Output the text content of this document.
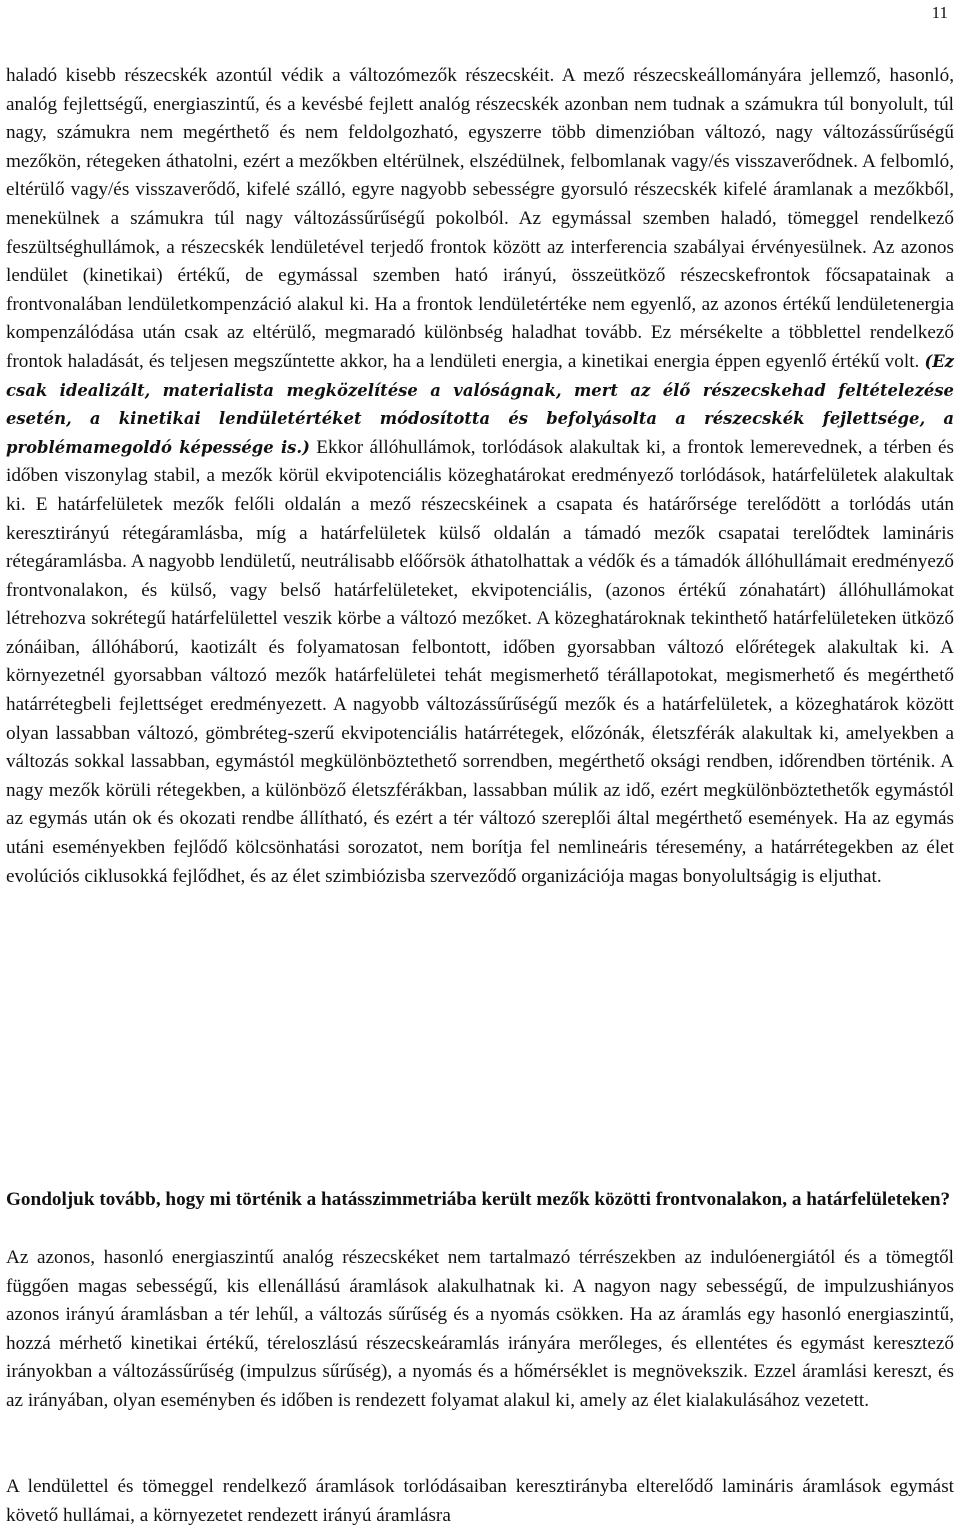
11

haladó kisebb részecskék azontúl védik a változómezők részecskéit. A mező részecskeállományára jellemző, hasonló, analóg fejlettségű, energiaszintű, és a kevésbé fejlett analóg részecskék azonban nem tudnak a számukra túl bonyolult, túl nagy, számukra nem megérthető és nem feldolgozható, egyszerre több dimenzióban változó, nagy változássűrűségű mezőkön, rétegeken áthatolni, ezért a mezőkben eltérülnek, elszédülnek, felbomlanak vagy/és visszaverődnek. A felbomló, eltérülő vagy/és visszaverődő, kifelé szálló, egyre nagyobb sebességre gyorsuló részecskék kifelé áramlanak a mezőkből, menekülnek a számukra túl nagy változássűrűségű pokolból. Az egymással szemben haladó, tömeggel rendelkező feszültséghullámok, a részecskék lendületével terjedő frontok között az interferencia szabályai érvényesülnek. Az azonos lendület (kinetikai) értékű, de egymással szemben ható irányú, összeütköző részecskefrontok főcsapatainak a frontvonalában lendületkompenzáció alakul ki. Ha a frontok lendületértéke nem egyenlő, az azonos értékű lendületenergia kompenzálódása után csak az eltérülő, megmaradó különbség haladhat tovább. Ez mérsékelte a többlettel rendelkező frontok haladását, és teljesen megszűntette akkor, ha a lendületi energia, a kinetikai energia éppen egyenlő értékű volt. (Ez csak idealizált, materialista megközelítése a valóságnak, mert az élő részecskehad feltételezése esetén, a kinetikai lendületértéket módosította és befolyásolta a részecskék fejlettsége, a problémamegoldó képessége is.) Ekkor állóhullámok, torlódások alakultak ki, a frontok lemerevednek, a térben és időben viszonylag stabil, a mezők körül ekvipotenciális közeghatárokat eredményező torlódások, határfelületek alakultak ki. E határfelületek mezők felőli oldalán a mező részecskéinek a csapata és határőrsége terelődött a torlódás után keresztirányú rétegáramlásba, míg a határfelületek külső oldalán a támadó mezők csapatai terelődtek lamináris rétegáramlásba. A nagyobb lendületű, neutrálisabb előőrsök áthatolhattak a védők és a támadók állóhullámait eredményező frontvonalakon, és külső, vagy belső határfelületeket, ekvipotenciális, (azonos értékű zónahatárt) állóhullámokat létrehozva sokrétegű határfelülettel veszik körbe a változó mezőket. A közeghatároknak tekinthető határfelületeken ütköző zónáiban, állóháború, kaotizált és folyamatosan felbontott, időben gyorsabban változó előrétegek alakultak ki. A környezetnél gyorsabban változó mezők határfelületei tehát megismerhető térállapotokat, megismerhető és megérthető határrétegbeli fejlettséget eredményezett. A nagyobb változássűrűségű mezők és a határfelületek, a közeghatárok között olyan lassabban változó, gömbréteg-szerű ekvipotenciális határrétegek, előzónák, életszférák alakultak ki, amelyekben a változás sokkal lassabban, egymástól megkülönböztethető sorrendben, megérthető oksági rendben, időrendben történik. A nagy mezők körüli rétegekben, a különböző életszférákban, lassabban múlik az idő, ezért megkülönböztethetők egymástól az egymás után ok és okozati rendbe állítható, és ezért a tér változó szereplői által megérthető események. Ha az egymás utáni eseményekben fejlődő kölcsönhatási sorozatot, nem borítja fel nemlineáris téresemény, a határrétegekben az élet evolúciós ciklusokká fejlődhet, és az élet szimbiózisba szerveződő organizációja magas bonyolultságig is eljuthat.

Gondoljuk tovább, hogy mi történik a hatásszimmetriába került mezők közötti frontvonalakon, a határfelületeken?

Az azonos, hasonló energiaszintű analóg részecskéket nem tartalmazó térrészekben az indulóenergiától és a tömegtől függően magas sebességű, kis ellenállású áramlások alakulhatnak ki. A nagyon nagy sebességű, de impulzushiányos azonos irányú áramlásban a tér lehűl, a változás sűrűség és a nyomás csökken. Ha az áramlás egy hasonló energiaszintű, hozzá mérhető kinetikai értékű, téreloszlású részecskeáramlás irányára merőleges, és ellentétes és egymást keresztező irányokban a változássűrűség (impulzus sűrűség), a nyomás és a hőmérséklet is megnövekszik. Ezzel áramlási kereszt, és az irányában, olyan eseményben és időben is rendezett folyamat alakul ki, amely az élet kialakulásához vezetett.

A lendülettel és tömeggel rendelkező áramlások torlódásaiban keresztirányba elterelődő lamináris áramlások egymást követő hullámai, a környezetet rendezett irányú áramlásra
